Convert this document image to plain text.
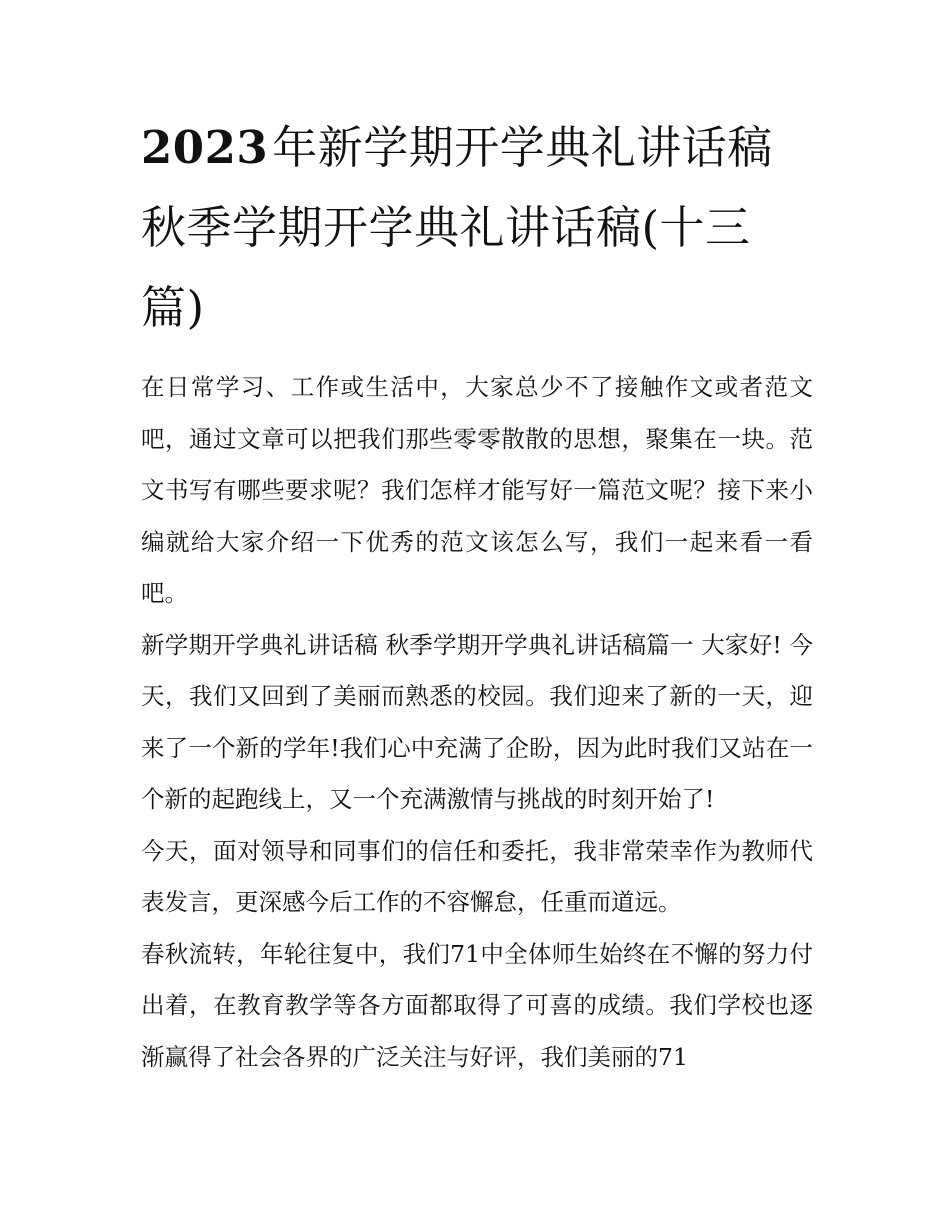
2023年新学期开学典礼讲话稿 秋季学期开学典礼讲话稿(十三篇)

在日常学习、工作或生活中，大家总少不了接触作文或者范文吧，通过文章可以把我们那些零零散散的思想，聚集在一块。范文书写有哪些要求呢？我们怎样才能写好一篇范文呢？接下来小编就给大家介绍一下优秀的范文该怎么写，我们一起来看一看吧。

新学期开学典礼讲话稿 秋季学期开学典礼讲话稿篇一 大家好! 今天，我们又回到了美丽而熟悉的校园。我们迎来了新的一天，迎来了一个新的学年!我们心中充满了企盼，因为此时我们又站在一个新的起跑线上，又一个充满激情与挑战的时刻开始了!

今天，面对领导和同事们的信任和委托，我非常荣幸作为教师代表发言，更深感今后工作的不容懈怠，任重而道远。

春秋流转，年轮往复中，我们71中全体师生始终在不懈的努力付出着，在教育教学等各方面都取得了可喜的成绩。我们学校也逐渐赢得了社会各界的广泛关注与好评，我们美丽的71
